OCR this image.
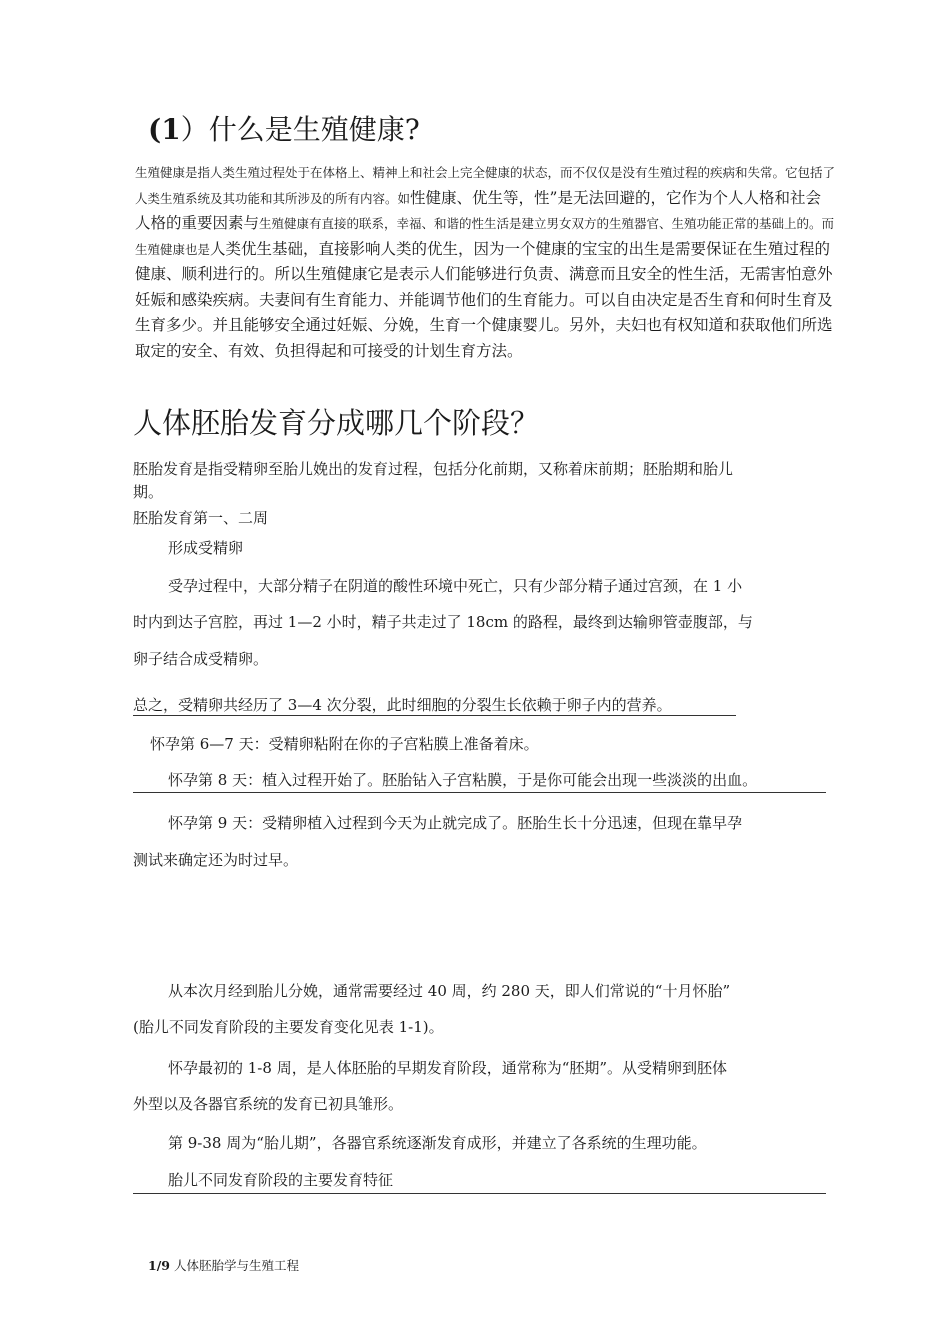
(1）什么是生殖健康?
生殖健康是指人类生殖过程处于在体格上、精神上和社会上完全健康的状态，而不仅仅是没有生殖过程的疾病和失常。它包括了人类生殖系统及其功能和其所涉及的所有内容。如性健康、优生等，性”是无法回避的，它作为个人人格和社会人格的重要因素与生殖健康有直接的联系，幸福、和谐的性生活是建立男女双方的生殖器官、生殖功能正常的基础上的。而生殖健康也是人类优生基础，直接影响人类的优生，因为一个健康的宝宝的出生是需要保证在生殖过程的健康、顺利进行的。所以生殖健康它是表示人们能够进行负责、满意而且安全的性生活，无需害怕意外妊娠和感染疾病。夫妻间有生育能力、并能调节他们的生育能力。可以自由决定是否生育和何时生育及生育多少。并且能够安全通过妊娠、分娩，生育一个健康婴儿。另外，夫妇也有权知道和获取他们所选取定的安全、有效、负担得起和可接受的计划生育方法。
人体胚胎发育分成哪几个阶段？
胚胎发育是指受精卵至胎儿娩出的发育过程，包括分化前期，又称着床前期；胚胎期和胎儿
期。
胚胎发育第一、二周
形成受精卵
受孕过程中，大部分精子在阴道的酸性环境中死亡，只有少部分精子通过宫颈，在 1 小
时内到达子宫腔，再过 1—2 小时，精子共走过了 18cm 的路程，最终到达输卵管壶腹部，与
卵子结合成受精卵。
总之，受精卵共经历了 3—4 次分裂，此时细胞的分裂生长依赖于卵子内的营养。
怀孕第 6—7 天：受精卵粘附在你的子宫粘膜上准备着床。
怀孕第 8 天：植入过程开始了。胚胎钻入子宫粘膜，于是你可能会出现一些淡淡的出血。
怀孕第 9 天：受精卵植入过程到今天为止就完成了。胚胎生长十分迅速，但现在靠早孕
测试来确定还为时过早。
从本次月经到胎儿分娩，通常需要经过 40 周，约 280 天，即人们常说的“十月怀胎”
(胎儿不同发育阶段的主要发育变化见表 1-1)。
怀孕最初的 1-8 周，是人体胚胎的早期发育阶段，通常称为“胚期”。从受精卵到胚体
外型以及各器官系统的发育已初具雏形。
第 9-38 周为“胎儿期”，各器官系统逐渐发育成形，并建立了各系统的生理功能。
胎儿不同发育阶段的主要发育特征
1/9 人体胚胎学与生殖工程
